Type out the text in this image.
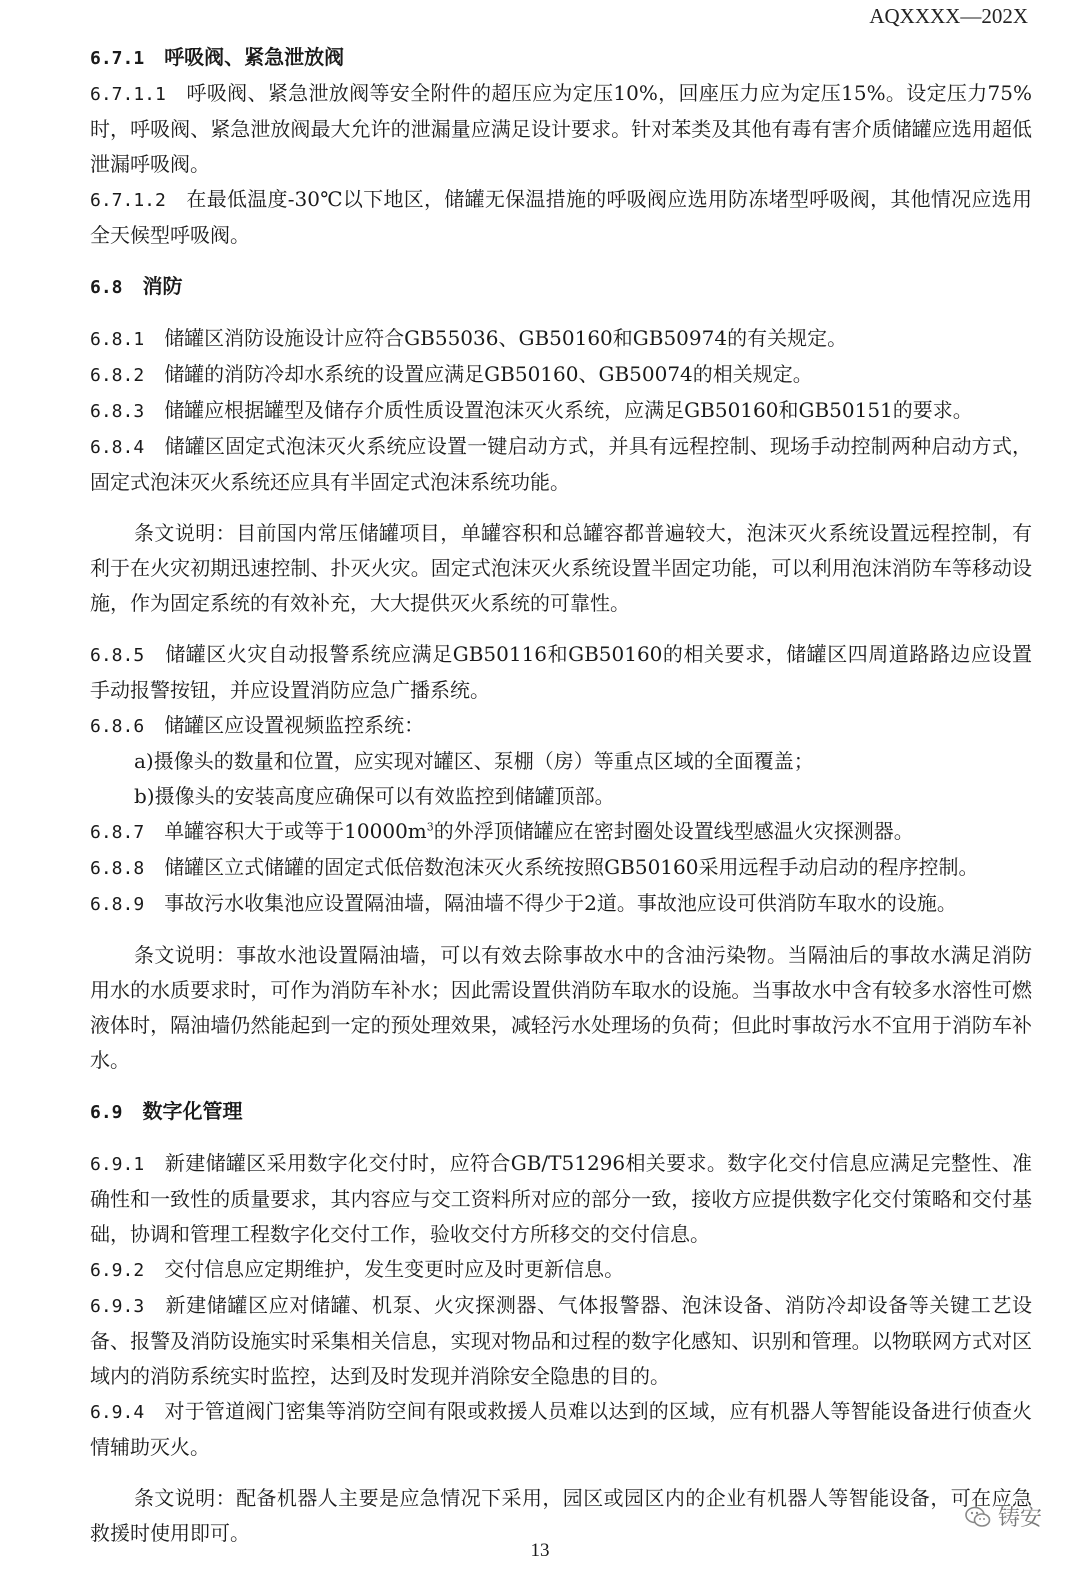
AQXXXX—202X

6.7.1　 呼吸阀、紧急泄放阀

6.7.1.1　 呼吸阀、紧急泄放阀等安全附件的超压应为定压10%，回座压力应为定压15%。设定压力75%时，呼吸阀、紧急泄放阀最大允许的泄漏量应满足设计要求。针对苯类及其他有毒有害介质储罐应选用超低泄漏呼吸阀。

6.7.1.2　 在最低温度-30℃以下地区，储罐无保温措施的呼吸阀应选用防冻堵型呼吸阀，其他情况应选用全天候型呼吸阀。

6.8　 消防

6.8.1　 储罐区消防设施设计应符合GB55036、GB50160和GB50974的有关规定。

6.8.2　 储罐的消防冷却水系统的设置应满足GB50160、GB50074的相关规定。

6.8.3　 储罐应根据罐型及储存介质性质设置泡沫灭火系统，应满足GB50160和GB50151的要求。

6.8.4　 储罐区固定式泡沫灭火系统应设置一键启动方式，并具有远程控制、现场手动控制两种启动方式，固定式泡沫灭火系统还应具有半固定式泡沫系统功能。

条文说明：目前国内常压储罐项目，单罐容积和总罐容都普遍较大，泡沫灭火系统设置远程控制，有利于在火灾初期迅速控制、扑灭火灾。固定式泡沫灭火系统设置半固定功能，可以利用泡沫消防车等移动设施，作为固定系统的有效补充，大大提供灭火系统的可靠性。

6.8.5　 储罐区火灾自动报警系统应满足GB50116和GB50160的相关要求，储罐区四周道路路边应设置手动报警按钮，并应设置消防应急广播系统。

6.8.6　 储罐区应设置视频监控系统：

a)摄像头的数量和位置，应实现对罐区、泵棚（房）等重点区域的全面覆盖；

b)摄像头的安装高度应确保可以有效监控到储罐顶部。

6.8.7　 单罐容积大于或等于$10000m^3$的外浮顶储罐应在密封圈处设置线型感温火灾探测器。

6.8.8　 储罐区立式储罐的固定式低倍数泡沫灭火系统按照GB50160采用远程手动启动的程序控制。

6.8.9　 事故污水收集池应设置隔油墙，隔油墙不得少于2道。事故池应设可供消防车取水的设施。

条文说明：事故水池设置隔油墙，可以有效去除事故水中的含油污染物。当隔油后的事故水满足消防用水的水质要求时，可作为消防车补水；因此需设置供消防车取水的设施。当事故水中含有较多水溶性可燃液体时，隔油墙仍然能起到一定的预处理效果，减轻污水处理场的负荷；但此时事故污水不宜用于消防车补水。

6.9　 数字化管理

6.9.1　 新建储罐区采用数字化交付时，应符合GB/T51296相关要求。数字化交付信息应满足完整性、准确性和一致性的质量要求，其内容应与交工资料所对应的部分一致，接收方应提供数字化交付策略和交付基础，协调和管理工程数字化交付工作，验收交付方所移交的交付信息。

6.9.2　 交付信息应定期维护，发生变更时应及时更新信息。

6.9.3　 新建储罐区应对储罐、机泵、火灾探测器、气体报警器、泡沫设备、消防冷却设备等关键工艺设备、报警及消防设施实时采集相关信息，实现对物品和过程的数字化感知、识别和管理。以物联网方式对区域内的消防系统实时监控，达到及时发现并消除安全隐患的目的。

6.9.4　 对于管道阀门密集等消防空间有限或救援人员难以达到的区域，应有机器人等智能设备进行侦查火情辅助灭火。

条文说明：配备机器人主要是应急情况下采用，园区或园区内的企业有机器人等智能设备，可在应急救援时使用即可。

13
铸安
